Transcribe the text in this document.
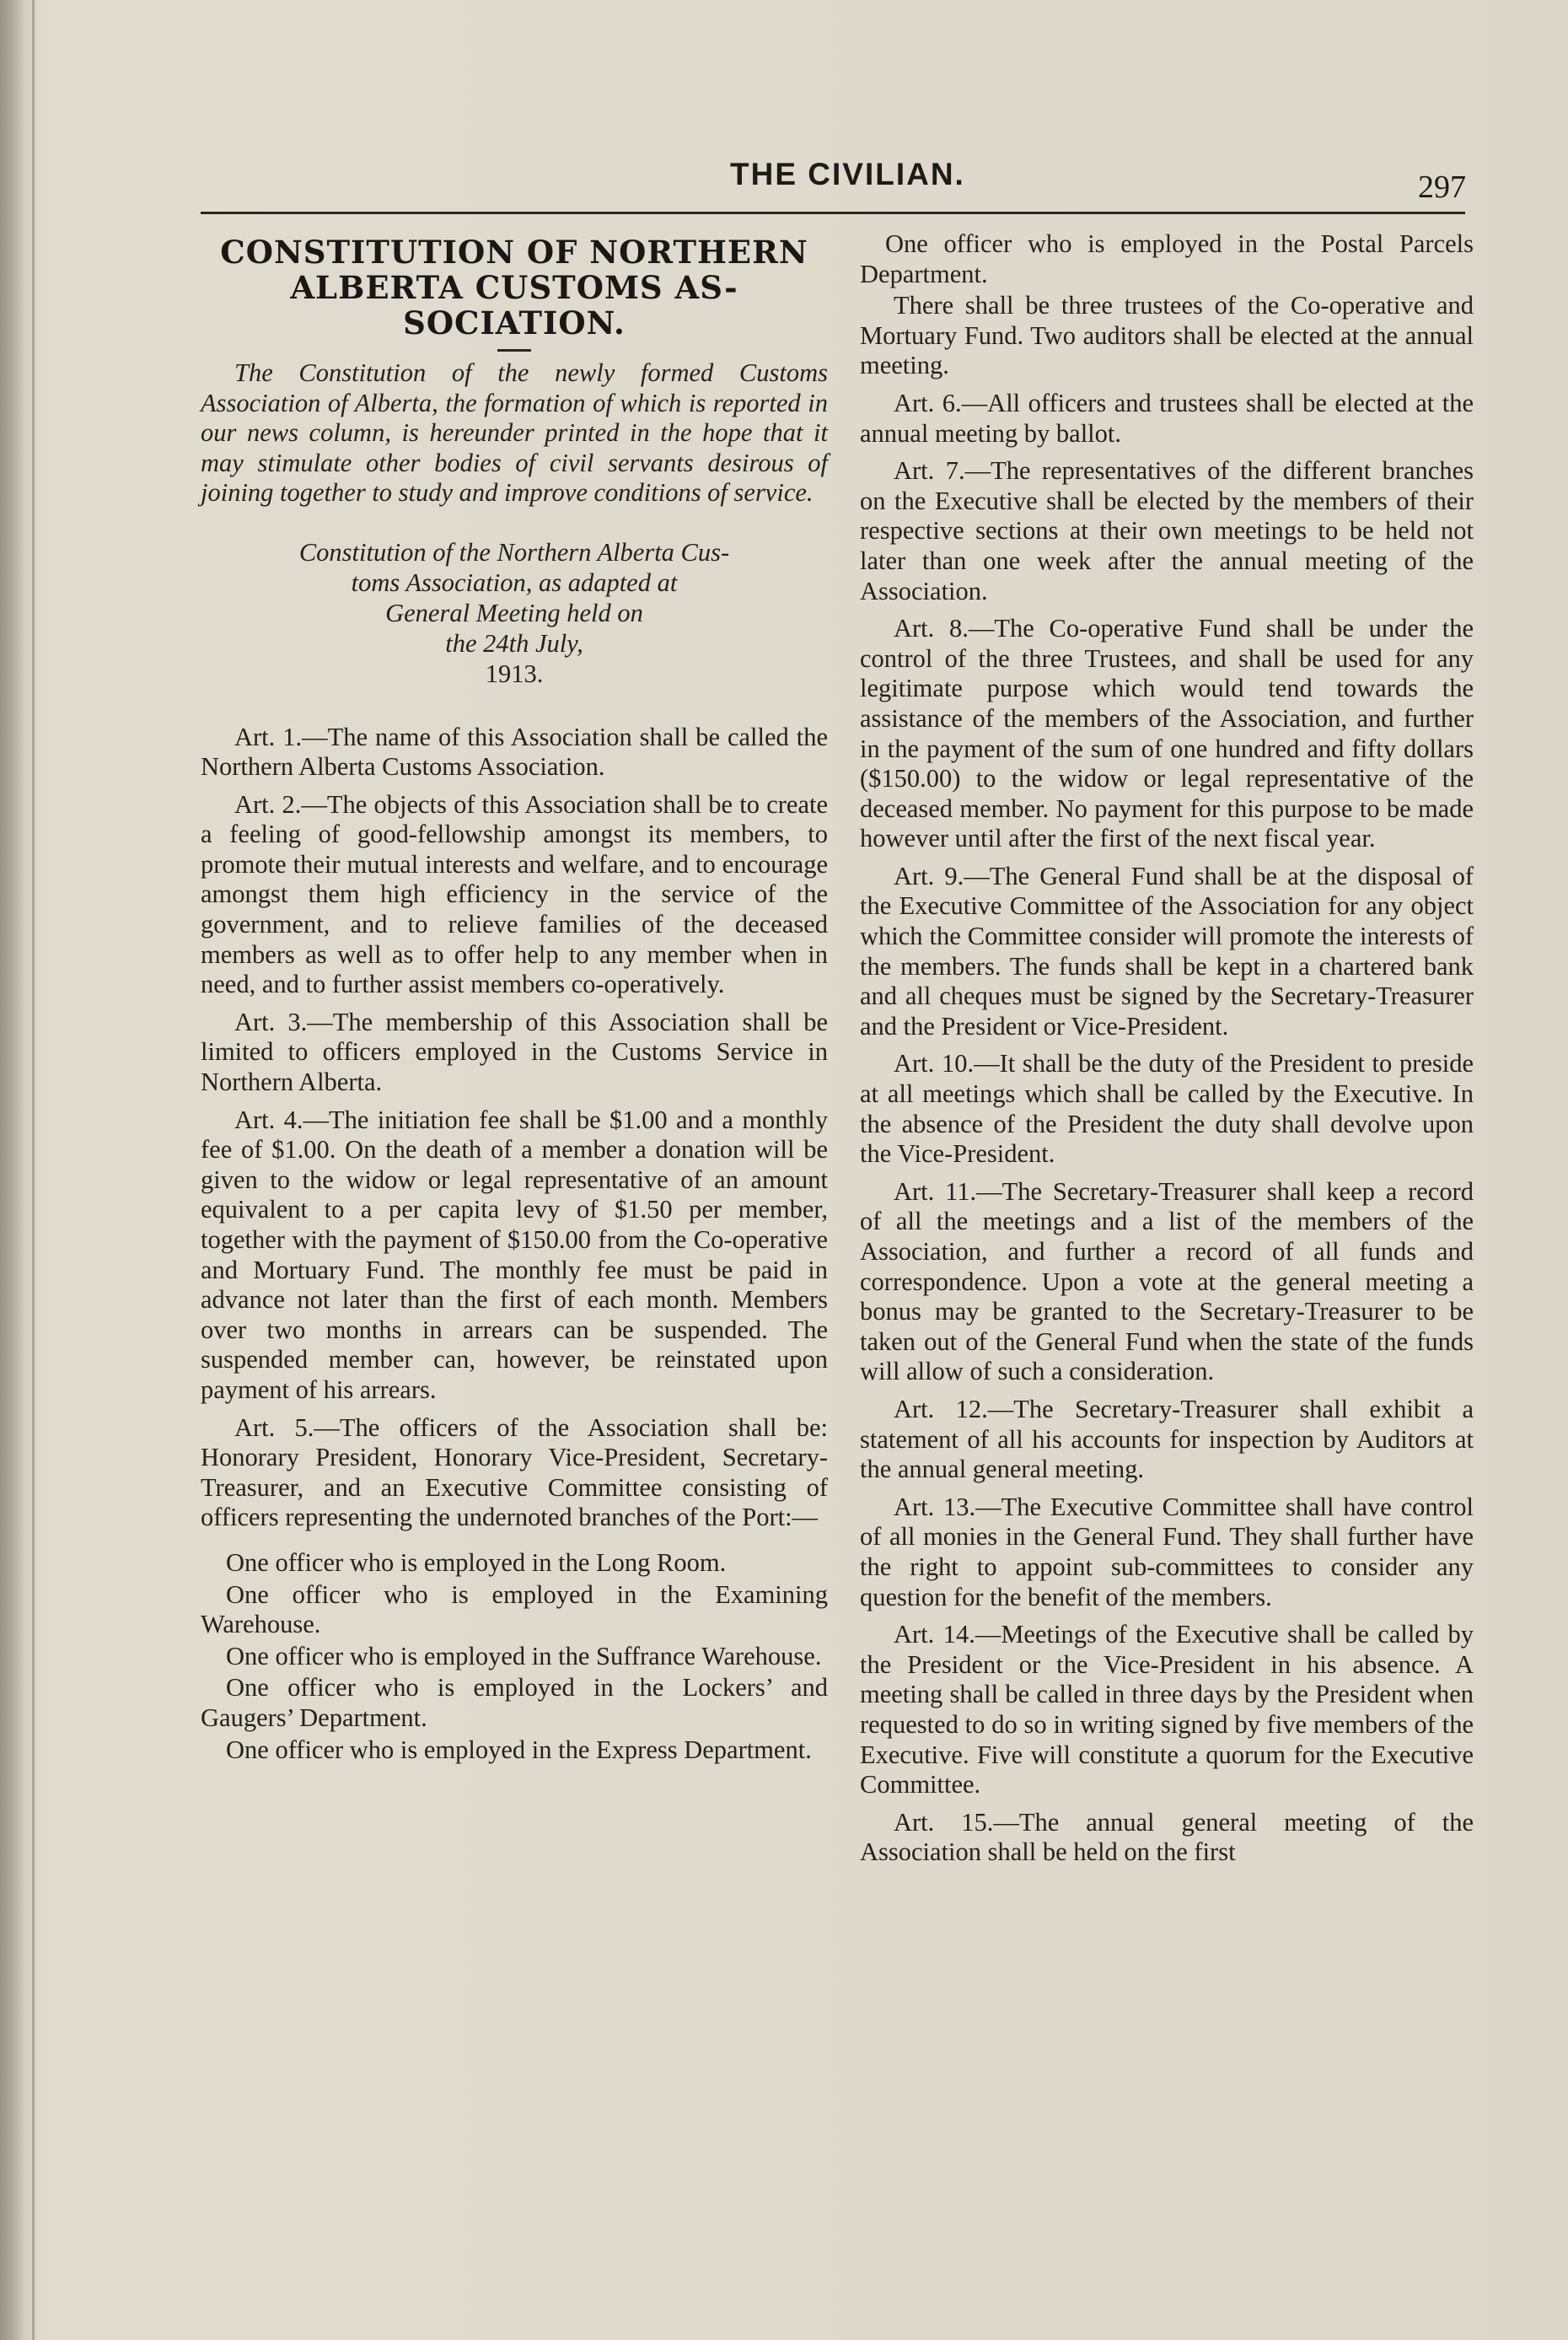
THE CIVILIAN.	297
CONSTITUTION OF NORTHERN
ALBERTA CUSTOMS AS-
SOCIATION.

The Constitution of the newly formed Customs Association of Alberta, the formation of which is reported in our news column, is hereunder printed in the hope that it may stimulate other bodies of civil servants desirous of joining together to study and improve conditions of service.

Constitution of the Northern Alberta Cus-
toms Association, as adapted at
General Meeting held on
the 24th July,
1913.

Art. 1.—The name of this Association shall be called the Northern Alberta Customs Association.

Art. 2.—The objects of this Association shall be to create a feeling of good-fellowship amongst its members, to promote their mutual interests and welfare, and to encourage amongst them high efficiency in the service of the government, and to relieve families of the deceased members as well as to offer help to any member when in need, and to further assist members co-operatively.

Art. 3.—The membership of this Association shall be limited to officers employed in the Customs Service in Northern Alberta.

Art. 4.—The initiation fee shall be $1.00 and a monthly fee of $1.00. On the death of a member a donation will be given to the widow or legal representative of an amount equivalent to a per capita levy of $1.50 per member, together with the payment of $150.00 from the Co-operative and Mortuary Fund. The monthly fee must be paid in advance not later than the first of each month. Members over two months in arrears can be suspended. The suspended member can, however, be reinstated upon payment of his arrears.

Art. 5.—The officers of the Association shall be: Honorary President, Honorary Vice-President, Secretary-Treasurer, and an Executive Committee consisting of officers representing the undernoted branches of the Port:—

One officer who is employed in the Long Room.

One officer who is employed in the Examining Warehouse.

One officer who is employed in the Suffrance Warehouse.

One officer who is employed in the Lockers’ and Gaugers’ Department.

One officer who is employed in the Express Department.

One officer who is employed in the Postal Parcels Department.

There shall be three trustees of the Co-operative and Mortuary Fund. Two auditors shall be elected at the annual meeting.

Art. 6.—All officers and trustees shall be elected at the annual meeting by ballot.

Art. 7.—The representatives of the different branches on the Executive shall be elected by the members of their respective sections at their own meetings to be held not later than one week after the annual meeting of the Association.

Art. 8.—The Co-operative Fund shall be under the control of the three Trustees, and shall be used for any legitimate purpose which would tend towards the assistance of the members of the Association, and further in the payment of the sum of one hundred and fifty dollars ($150.00) to the widow or legal representative of the deceased member. No payment for this purpose to be made however until after the first of the next fiscal year.

Art. 9.—The General Fund shall be at the disposal of the Executive Committee of the Association for any object which the Committee consider will promote the interests of the members. The funds shall be kept in a chartered bank and all cheques must be signed by the Secretary-Treasurer and the President or Vice-President.

Art. 10.—It shall be the duty of the President to preside at all meetings which shall be called by the Executive. In the absence of the President the duty shall devolve upon the Vice-President.

Art. 11.—The Secretary-Treasurer shall keep a record of all the meetings and a list of the members of the Association, and further a record of all funds and correspondence. Upon a vote at the general meeting a bonus may be granted to the Secretary-Treasurer to be taken out of the General Fund when the state of the funds will allow of such a consideration.

Art. 12.—The Secretary-Treasurer shall exhibit a statement of all his accounts for inspection by Auditors at the annual general meeting.

Art. 13.—The Executive Committee shall have control of all monies in the General Fund. They shall further have the right to appoint sub-committees to consider any question for the benefit of the members.

Art. 14.—Meetings of the Executive shall be called by the President or the Vice-President in his absence. A meeting shall be called in three days by the President when requested to do so in writing signed by five members of the Executive. Five will constitute a quorum for the Executive Committee.

Art. 15.—The annual general meeting of the Association shall be held on the first
